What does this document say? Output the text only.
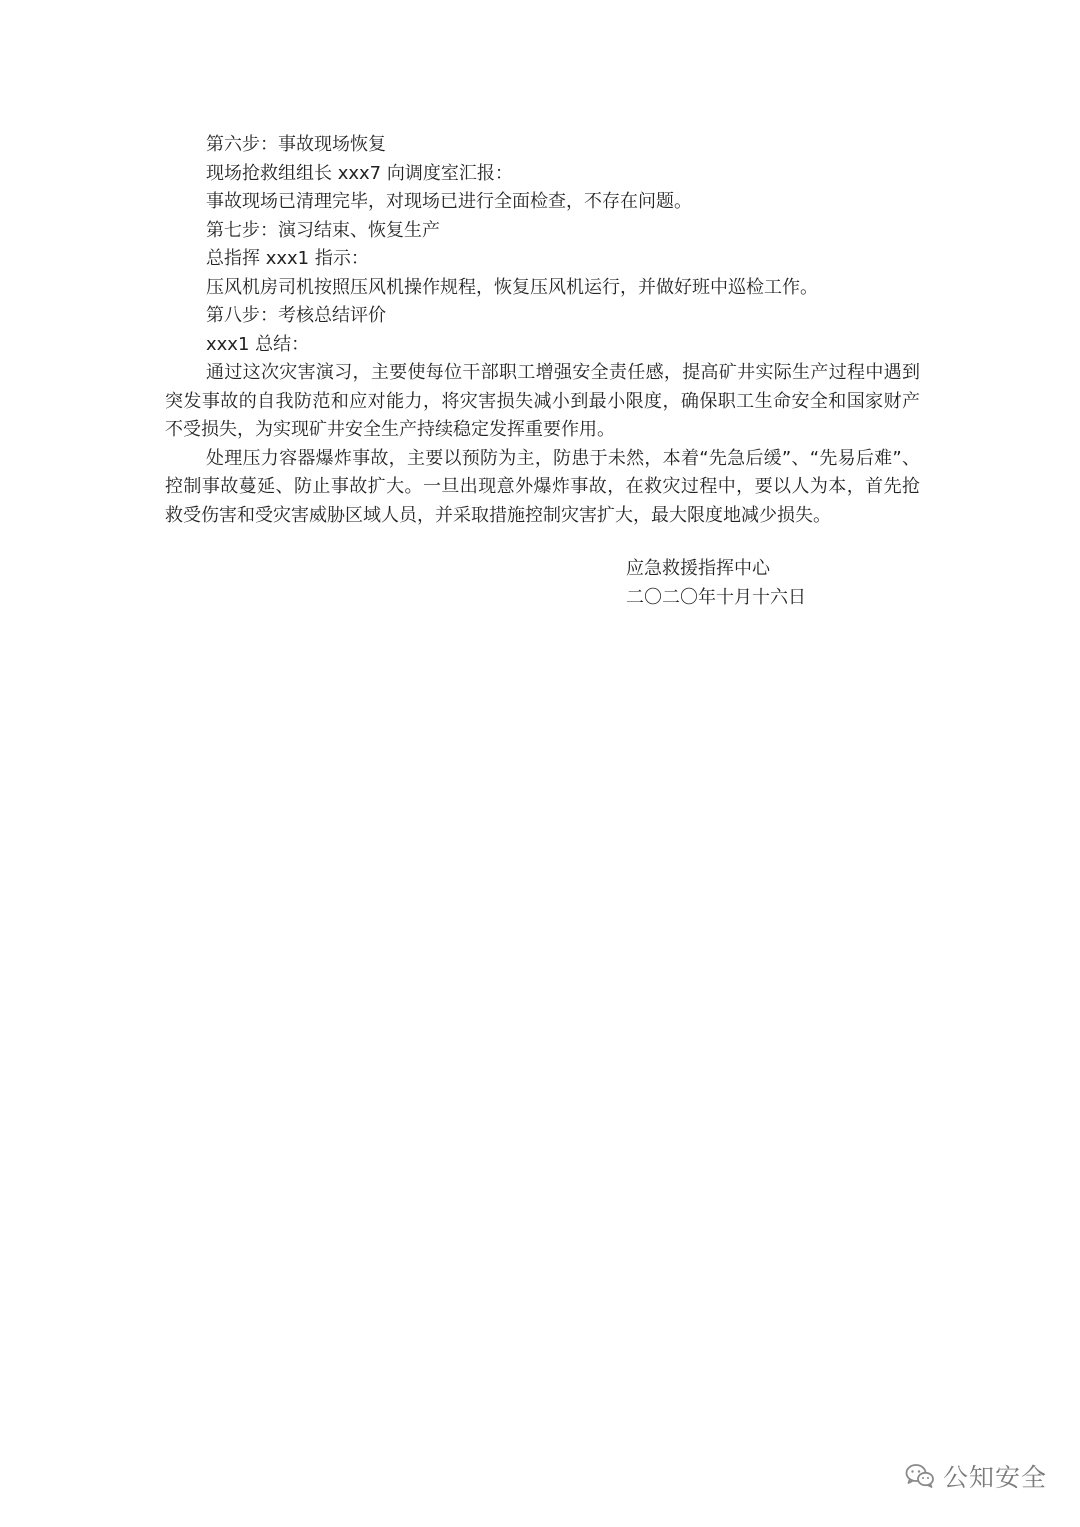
第六步：事故现场恢复
现场抢救组组长 xxx7 向调度室汇报：
事故现场已清理完毕，对现场已进行全面检查，不存在问题。
第七步：演习结束、恢复生产
总指挥 xxx1 指示：
压风机房司机按照压风机操作规程，恢复压风机运行，并做好班中巡检工作。
第八步：考核总结评价
xxx1 总结：

通过这次灾害演习，主要使每位干部职工增强安全责任感，提高矿井实际生产过程中遇到突发事故的自我防范和应对能力，将灾害损失减小到最小限度，确保职工生命安全和国家财产不受损失，为实现矿井安全生产持续稳定发挥重要作用。

处理压力容器爆炸事故，主要以预防为主，防患于未然，本着“先急后缓”、“先易后难”、控制事故蔓延、防止事故扩大。一旦出现意外爆炸事故，在救灾过程中，要以人为本，首先抢救受伤害和受灾害威胁区域人员，并采取措施控制灾害扩大，最大限度地减少损失。

应急救援指挥中心
二〇二〇年十月十六日
公知安全
